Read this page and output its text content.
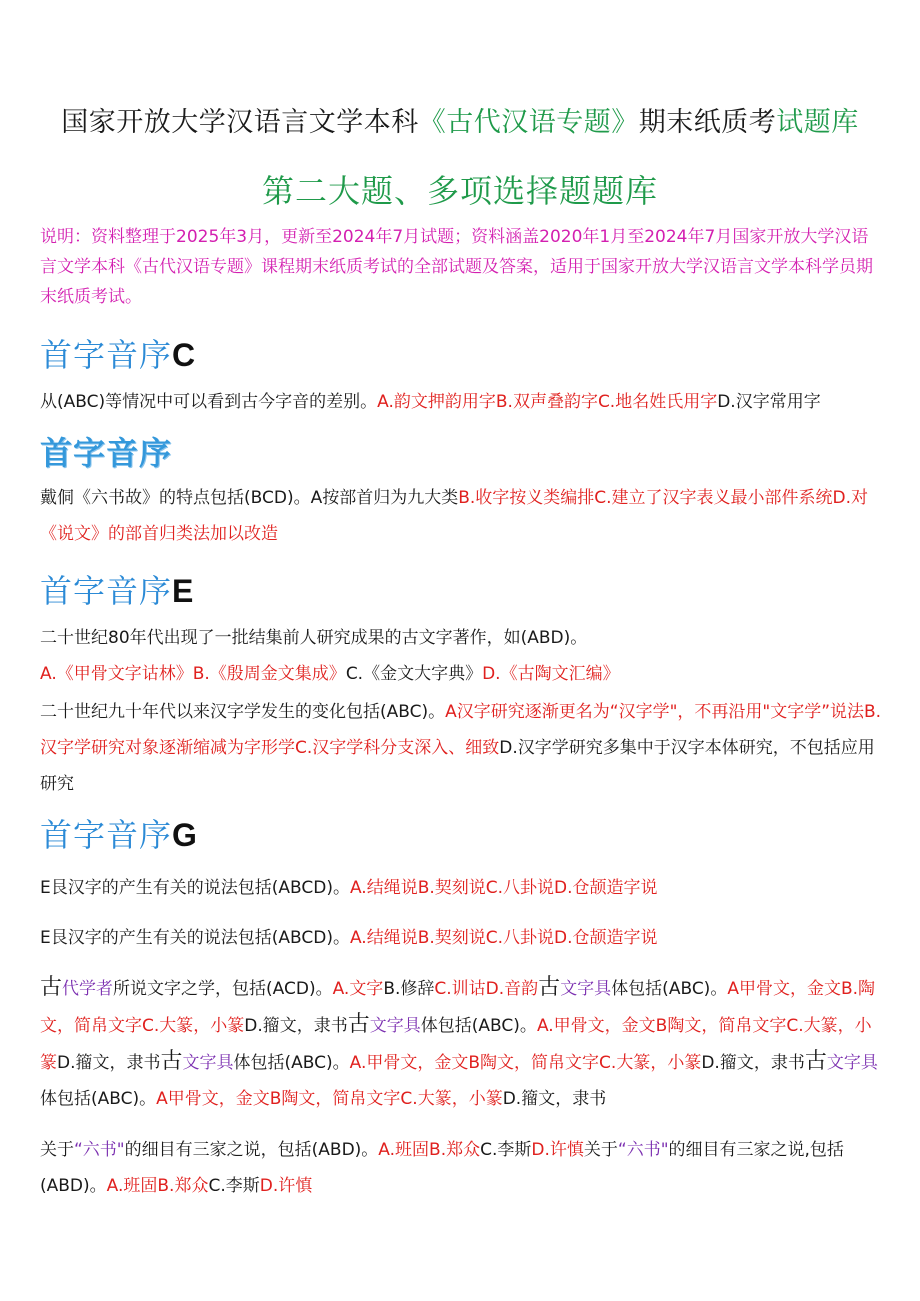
国家开放大学汉语言文学本科《古代汉语专题》期末纸质考试题库
第二大题、多项选择题题库
说明：资料整理于2025年3月，更新至2024年7月试题；资料涵盖2020年1月至2024年7月国家开放大学汉语言文学本科《古代汉语专题》课程期末纸质考试的全部试题及答案，适用于国家开放大学汉语言文学本科学员期末纸质考试。
首字音序C
从(ABC)等情况中可以看到古今字音的差别。A.韵文押韵用字B.双声叠韵字C.地名姓氏用字D.汉字常用字
首字音序
戴侗《六书故》的特点包括(BCD)。A按部首归为九大类B.收字按义类编排C.建立了汉字表义最小部件系统D.对《说文》的部首归类法加以改造
首字音序E
二十世纪80年代出现了一批结集前人研究成果的古文字著作，如(ABD)。A.《甲骨文字诂林》B.《殷周金文集成》C.《金文大字典》D.《古陶文汇编》
二十世纪九十年代以来汉字学发生的变化包括(ABC)。A汉字研究逐渐更名为“汉字学"，不再沿用"文字学”说法B.汉字学研究对象逐渐缩减为字形学C.汉字学科分支深入、细致D.汉字学研究多集中于汉字本体研究，不包括应用研究
首字音序G
E艮汉字的产生有关的说法包括(ABCD)。A.结绳说B.契刻说C.八卦说D.仓颉造字说
E艮汉字的产生有关的说法包括(ABCD)。A.结绳说B.契刻说C.八卦说D.仓颉造字说
古代学者所说文字之学，包括(ACD)。A.文字B.修辞C.训诂D.音韵古文字具体包括(ABC)。A甲骨文，金文B.陶文，简帛文字C.大篆，小篆D.籀文，隶书古文字具体包括(ABC)。A.甲骨文，金文B陶文，简帛文字C.大篆，小篆D.籀文，隶书古文字具体包括(ABC)。A.甲骨文，金文B陶文，简帛文字C.大篆，小篆D.籀文，隶书古文字具体包括(ABC)。A甲骨文，金文B陶文，简帛文字C.大篆，小篆D.籀文，隶书
关于“六书"的细目有三家之说，包括(ABD)。A.班固B.郑众C.李斯D.许慎关于“六书"的细目有三家之说,包括(ABD)。A.班固B.郑众C.李斯D.许慎
